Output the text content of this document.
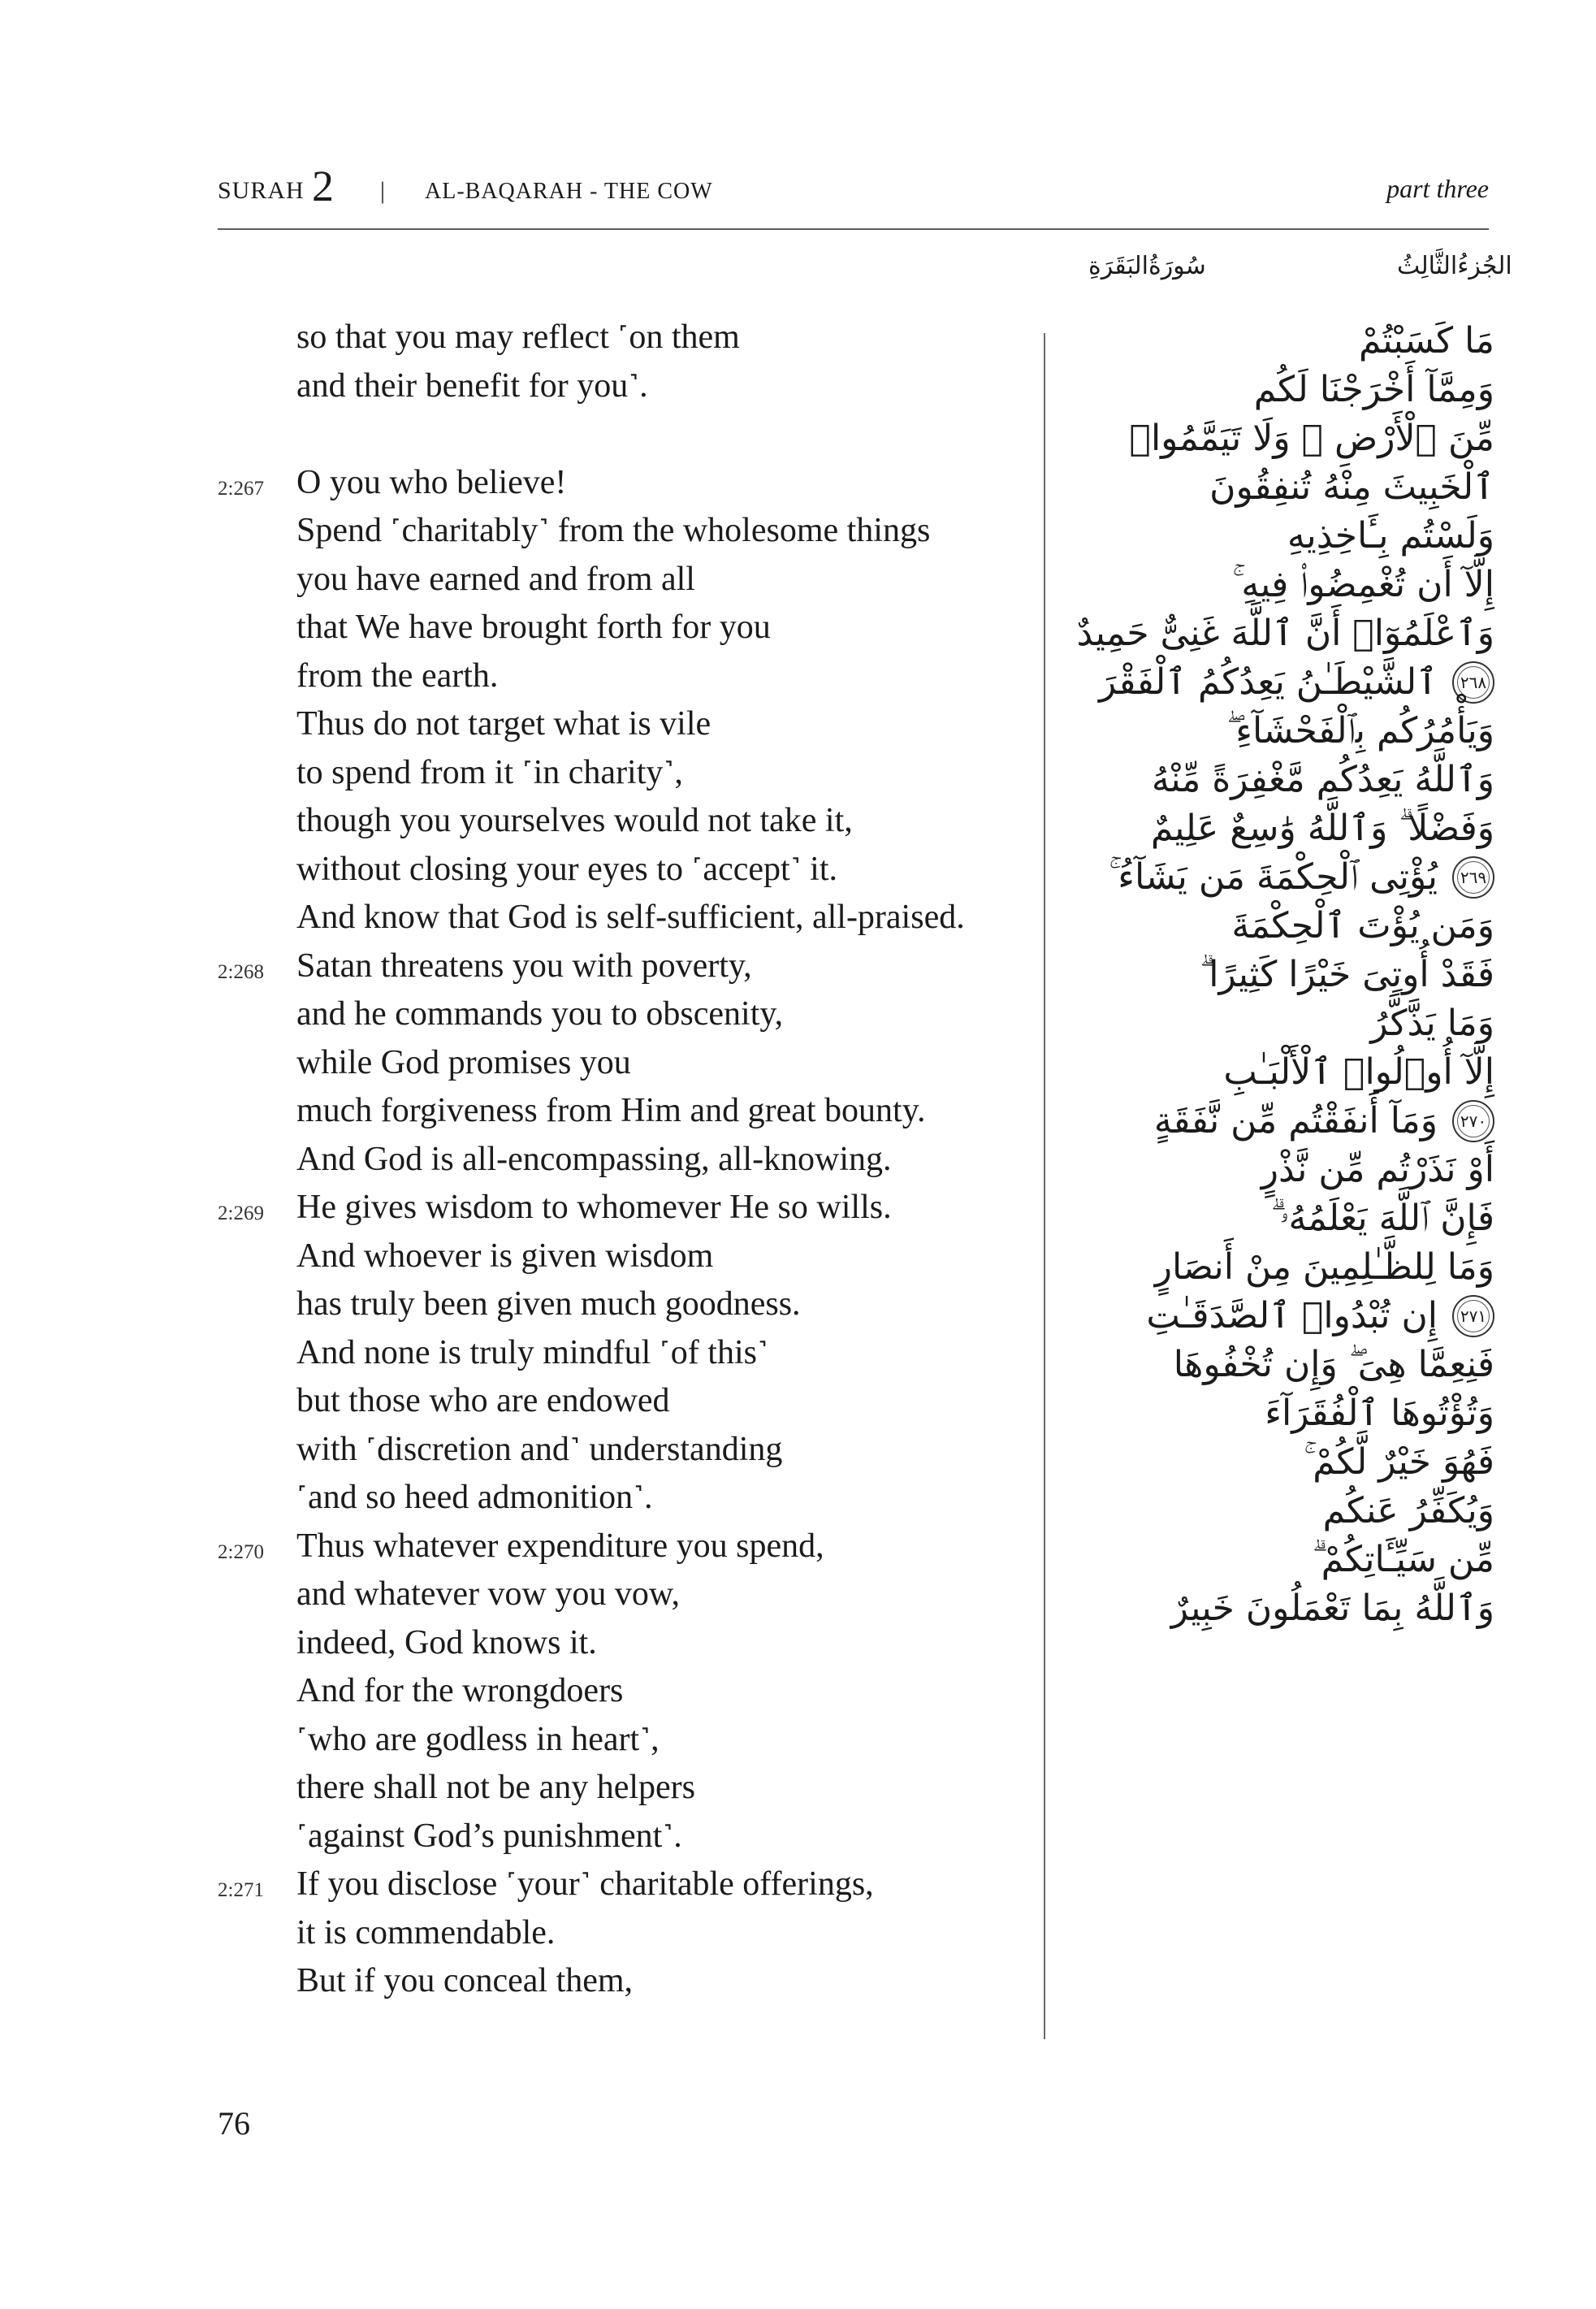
SURAH 2 | AL-BAQARAH - THE COW	part three
الجُزءُالثَّالِثُ
سُورَةُالبَقَرَةِ
so that you may reflect ˹on them
and their benefit for you˺.
2:267 O you who believe!
Spend ˹charitably˺ from the wholesome things
you have earned and from all
that We have brought forth for you
from the earth.
Thus do not target what is vile
to spend from it ˹in charity˺,
though you yourselves would not take it,
without closing your eyes to ˹accept˺ it.
And know that God is self-sufficient, all-praised.
2:268 Satan threatens you with poverty,
and he commands you to obscenity,
while God promises you
much forgiveness from Him and great bounty.
And God is all-encompassing, all-knowing.
2:269 He gives wisdom to whomever He so wills.
And whoever is given wisdom
has truly been given much goodness.
And none is truly mindful ˹of this˺
but those who are endowed
with ˹discretion and˺ understanding
˹and so heed admonition˺.
2:270 Thus whatever expenditure you spend,
and whatever vow you vow,
indeed, God knows it.
And for the wrongdoers
˹who are godless in heart˺,
there shall not be any helpers
˹against God’s punishment˺.
2:271 If you disclose ˹your˺ charitable offerings,
it is commendable.
But if you conceal them,
مَا كَسَبْتُمْ
وَمِمَّآ أَخْرَجْنَا لَكُم
مِّنَ ٱلْأَرْضِ ۖ وَلَا تَيَمَّمُوا۟
ٱلْخَبِيثَ مِنْهُ تُنفِقُونَ
وَلَسْتُم بِـَٔاخِذِيهِ
إِلَّآ أَن تُغْمِضُوا۟ فِيهِ ۚ
وَٱعْلَمُوٓا۟ أَنَّ ٱللَّهَ غَنِىٌّ حَمِيدٌ
ٱلشَّيْطَـٰنُ يَعِدُكُمُ ٱلْفَقْرَ	٢٦٨
وَيَأْمُرُكُم بِٱلْفَحْشَآءِ ۖ
وَٱللَّهُ يَعِدُكُم مَّغْفِرَةً مِّنْهُ
وَفَضْلًا ۗ وَٱللَّهُ وَٰسِعٌ عَلِيمٌ
يُؤْتِى ٱلْحِكْمَةَ مَن يَشَآءُ ۚ	٢٦٩
وَمَن يُؤْتَ ٱلْحِكْمَةَ
فَقَدْ أُوتِىَ خَيْرًا كَثِيرًا ۗ
وَمَا يَذَّكَّرُ
إِلَّآ أُو۟لُوا۟ ٱلْأَلْبَـٰبِ
وَمَآ أَنفَقْتُم مِّن نَّفَقَةٍ	٢٧٠
أَوْ نَذَرْتُم مِّن نَّذْرٍ
فَإِنَّ ٱللَّهَ يَعْلَمُهُۥ ۗ
وَمَا لِلظَّـٰلِمِينَ مِنْ أَنصَارٍ
إِن تُبْدُوا۟ ٱلصَّدَقَـٰتِ	٢٧١
فَنِعِمَّا هِىَ ۖ وَإِن تُخْفُوهَا
وَتُؤْتُوهَا ٱلْفُقَرَآءَ
فَهُوَ خَيْرٌ لَّكُمْ ۚ
وَيُكَفِّرُ عَنكُم
مِّن سَيِّـَٔاتِكُمْ ۗ
وَٱللَّهُ بِمَا تَعْمَلُونَ خَبِيرٌ
76
